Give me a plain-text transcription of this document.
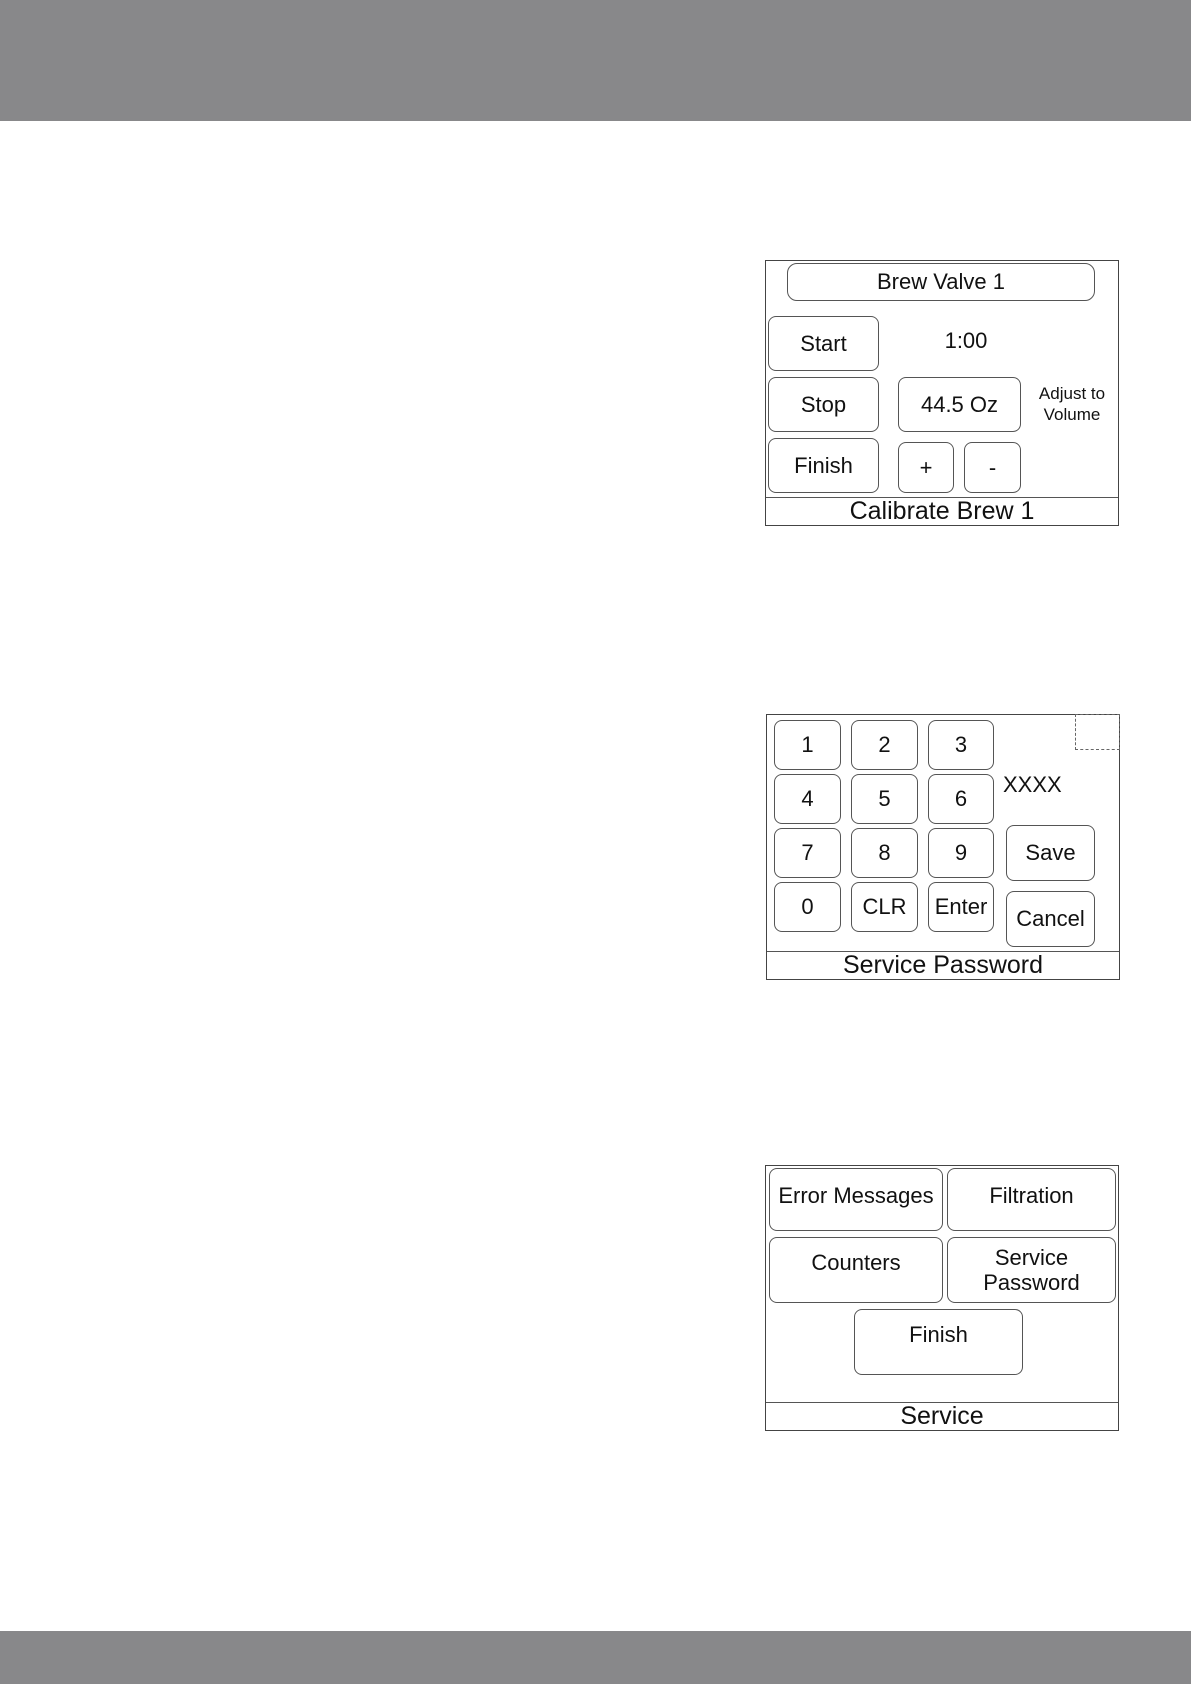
Brew Valve 1
Start
Stop
Finish
1:00
44.5 Oz	Adjust to
Volume
+	-
Calibrate Brew 1
1	2	3
4	5	6
7	8	9
0	CLR	Enter
XXXX
Save
Cancel
Service Password
Error Messages	Filtration
Counters	Service
Password
Finish
Service
